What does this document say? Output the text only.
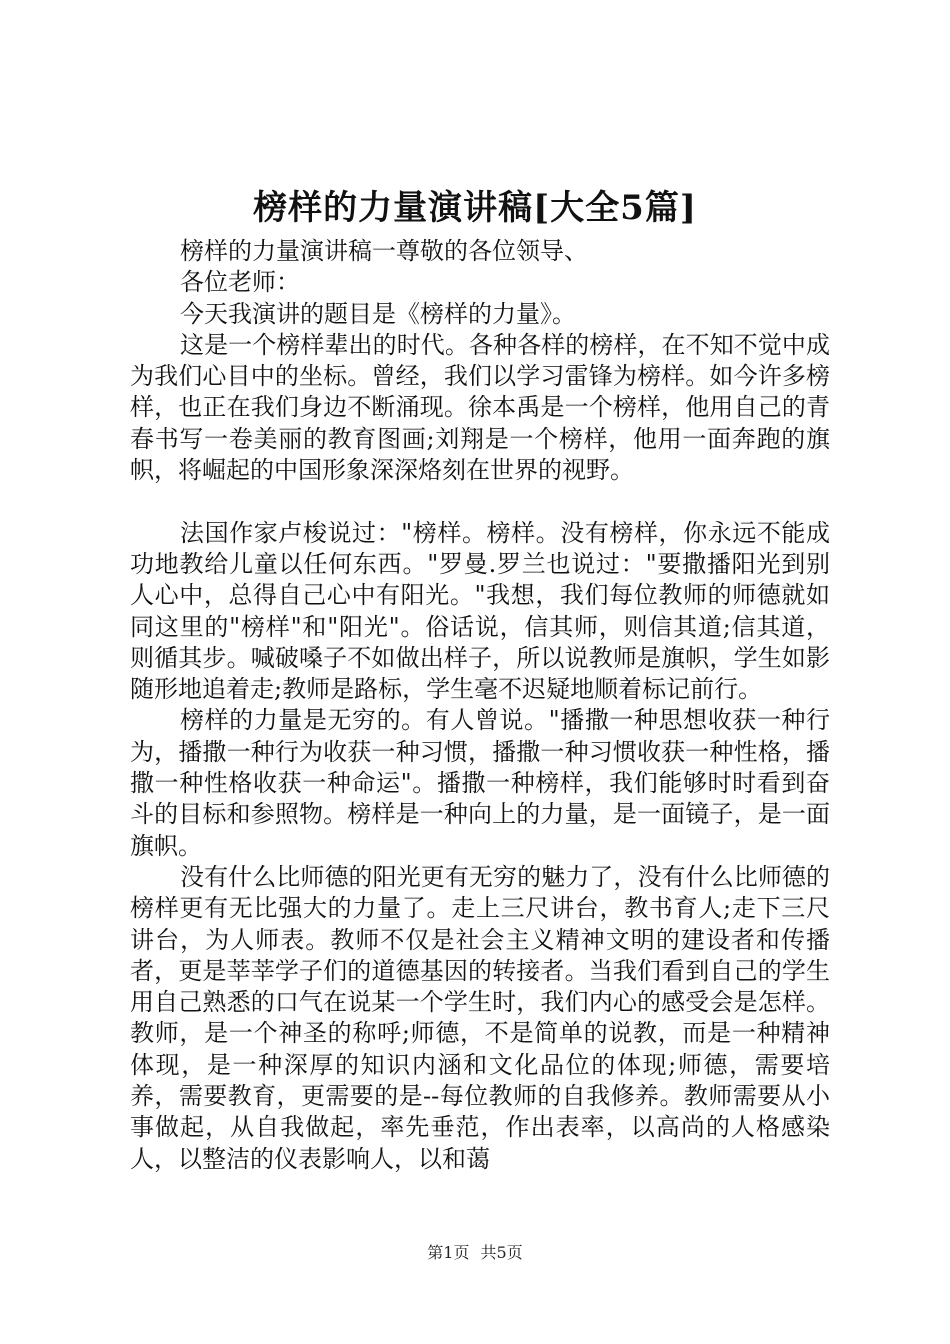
榜样的力量演讲稿[大全5篇]

榜样的力量演讲稿一尊敬的各位领导、

各位老师：

今天我演讲的题目是《榜样的力量》。

这是一个榜样辈出的时代。各种各样的榜样，在不知不觉中成为我们心目中的坐标。曾经，我们以学习雷锋为榜样。如今许多榜样，也正在我们身边不断涌现。徐本禹是一个榜样，他用自己的青春书写一卷美丽的教育图画;刘翔是一个榜样，他用一面奔跑的旗帜，将崛起的中国形象深深烙刻在世界的视野。

法国作家卢梭说过："榜样。榜样。没有榜样，你永远不能成功地教给儿童以任何东西。"罗曼.罗兰也说过："要撒播阳光到别人心中，总得自己心中有阳光。"我想，我们每位教师的师德就如同这里的"榜样"和"阳光"。俗话说，信其师，则信其道;信其道，则循其步。喊破嗓子不如做出样子，所以说教师是旗帜，学生如影随形地追着走;教师是路标，学生毫不迟疑地顺着标记前行。

榜样的力量是无穷的。有人曾说。"播撒一种思想收获一种行为，播撒一种行为收获一种习惯，播撒一种习惯收获一种性格，播撒一种性格收获一种命运"。播撒一种榜样，我们能够时时看到奋斗的目标和参照物。榜样是一种向上的力量，是一面镜子，是一面旗帜。

没有什么比师德的阳光更有无穷的魅力了，没有什么比师德的榜样更有无比强大的力量了。走上三尺讲台，教书育人;走下三尺讲台，为人师表。教师不仅是社会主义精神文明的建设者和传播者，更是莘莘学子们的道德基因的转接者。当我们看到自己的学生用自己熟悉的口气在说某一个学生时，我们内心的感受会是怎样。教师，是一个神圣的称呼;师德，不是简单的说教，而是一种精神体现，是一种深厚的知识内涵和文化品位的体现;师德，需要培养，需要教育，更需要的是--每位教师的自我修养。教师需要从小事做起，从自我做起，率先垂范，作出表率，以高尚的人格感染人，以整洁的仪表影响人，以和蔼

第1页 共5页
